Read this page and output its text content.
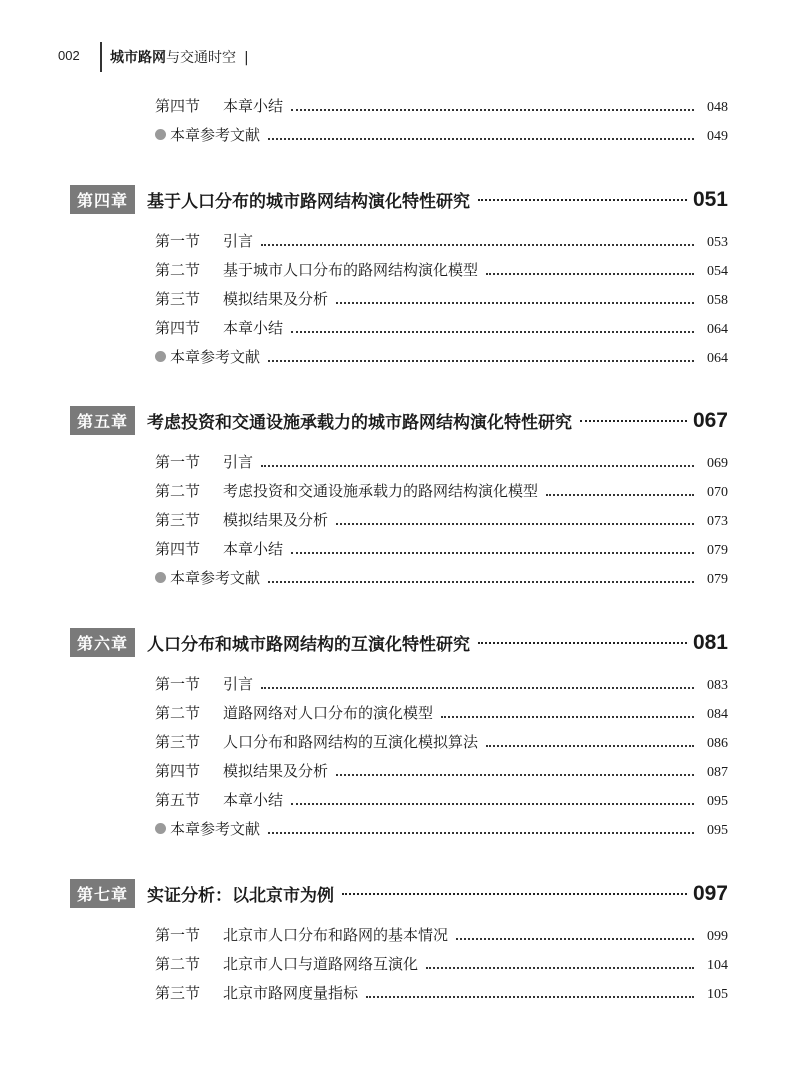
002 城市路网与交通时空 |
第四节	本章小结	048
本章参考文献	049
第四章	基于人口分布的城市路网结构演化特性研究	051
第一节	引言	053
第二节	基于城市人口分布的路网结构演化模型	054
第三节	模拟结果及分析	058
第四节	本章小结	064
本章参考文献	064
第五章	考虑投资和交通设施承载力的城市路网结构演化特性研究	067
第一节	引言	069
第二节	考虑投资和交通设施承载力的路网结构演化模型	070
第三节	模拟结果及分析	073
第四节	本章小结	079
本章参考文献	079
第六章	人口分布和城市路网结构的互演化特性研究	081
第一节	引言	083
第二节	道路网络对人口分布的演化模型	084
第三节	人口分布和路网结构的互演化模拟算法	086
第四节	模拟结果及分析	087
第五节	本章小结	095
本章参考文献	095
第七章	实证分析：以北京市为例	097
第一节	北京市人口分布和路网的基本情况	099
第二节	北京市人口与道路网络互演化	104
第三节	北京市路网度量指标	105
